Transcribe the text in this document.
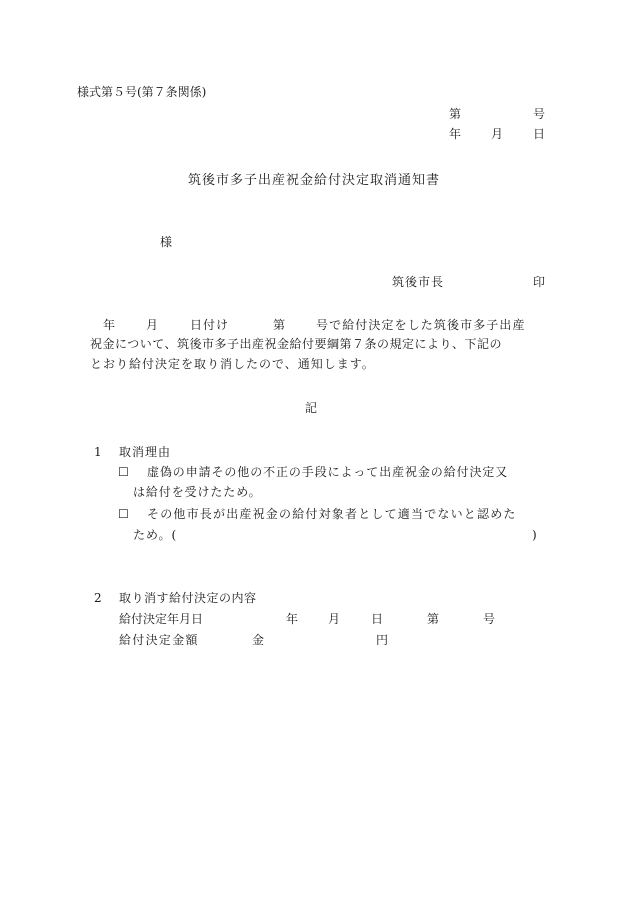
様式第５号(第７条関係)
第	号
年 月 日
筑後市多子出産祝金給付決定取消通知書
様
筑後市長	印
年	月	日付け	第	号で給付決定をした筑後市多子出産
祝金について、筑後市多子出産祝金給付要綱第７条の規定により、下記の
とおり給付決定を取り消したので、通知します。
記
1 取消理由
☐ 虚偽の申請その他の不正の手段によって出産祝金の給付決定又
は給付を受けたため。
☐ その他市長が出産祝金の給付対象者として適当でないと認めた
ため。(	)
2 取り消す給付決定の内容
給付決定年月日	年 月	日	第	号
給付決定金額	金	円
